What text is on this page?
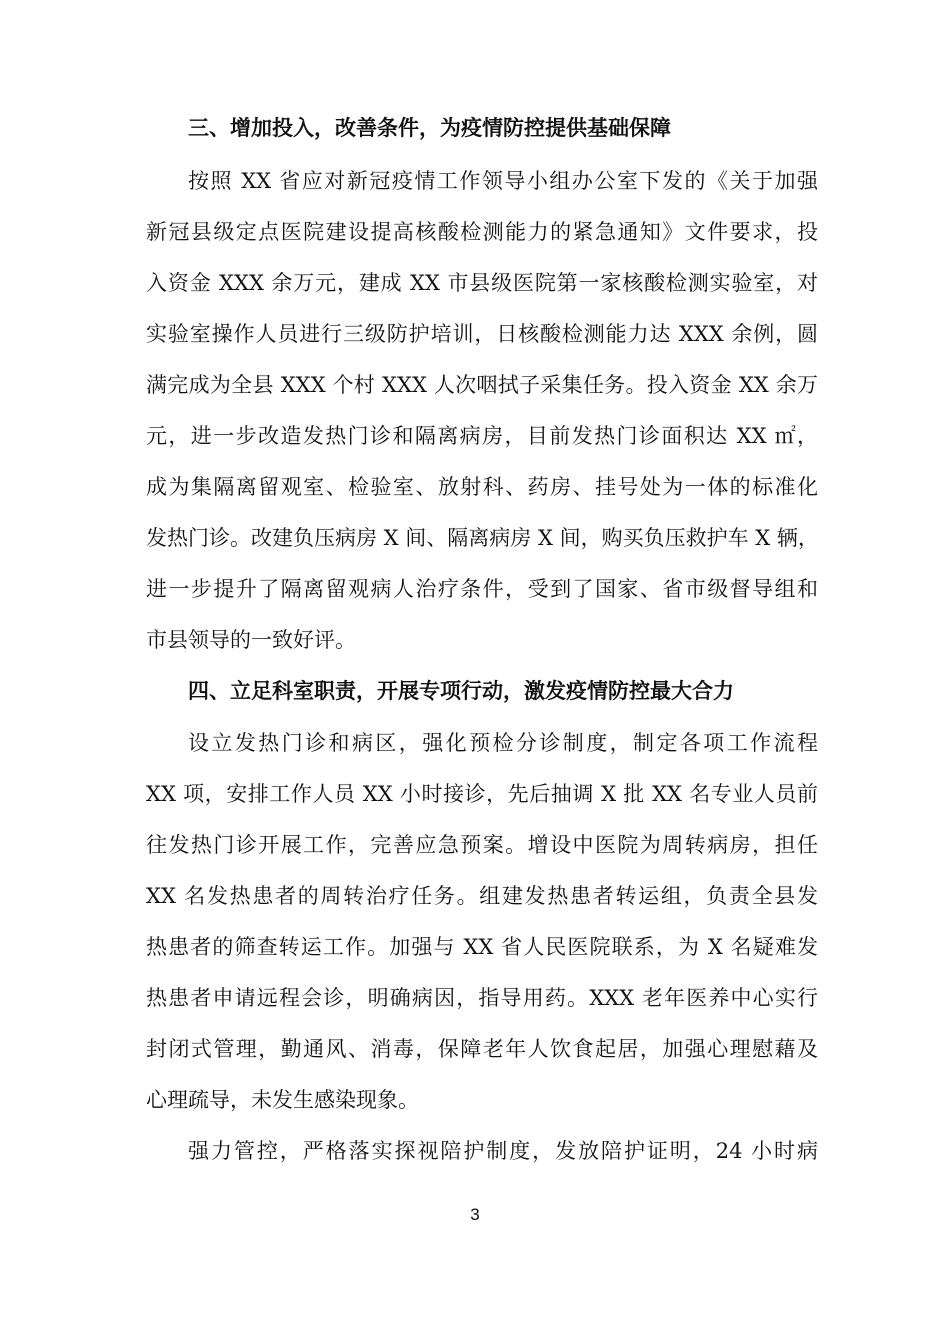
三、增加投入，改善条件，为疫情防控提供基础保障
按照 XX 省应对新冠疫情工作领导小组办公室下发的《关于加强
新冠县级定点医院建设提高核酸检测能力的紧急通知》文件要求，投
入资金 XXX 余万元，建成 XX 市县级医院第一家核酸检测实验室，对
实验室操作人员进行三级防护培训，日核酸检测能力达 XXX 余例，圆
满完成为全县 XXX 个村 XXX 人次咽拭子采集任务。投入资金 XX 余万
元，进一步改造发热门诊和隔离病房，目前发热门诊面积达 XX ㎡，
成为集隔离留观室、检验室、放射科、药房、挂号处为一体的标准化
发热门诊。改建负压病房 X 间、隔离病房 X 间，购买负压救护车 X 辆，
进一步提升了隔离留观病人治疗条件，受到了国家、省市级督导组和
市县领导的一致好评。
四、立足科室职责，开展专项行动，激发疫情防控最大合力
设立发热门诊和病区，强化预检分诊制度，制定各项工作流程
XX 项，安排工作人员 XX 小时接诊，先后抽调 X 批 XX 名专业人员前
往发热门诊开展工作，完善应急预案。增设中医院为周转病房，担任
XX 名发热患者的周转治疗任务。组建发热患者转运组，负责全县发
热患者的筛查转运工作。加强与 XX 省人民医院联系，为 X 名疑难发
热患者申请远程会诊，明确病因，指导用药。XXX 老年医养中心实行
封闭式管理，勤通风、消毒，保障老年人饮食起居，加强心理慰藉及
心理疏导，未发生感染现象。
强力管控，严格落实探视陪护制度，发放陪护证明，24 小时病
3
